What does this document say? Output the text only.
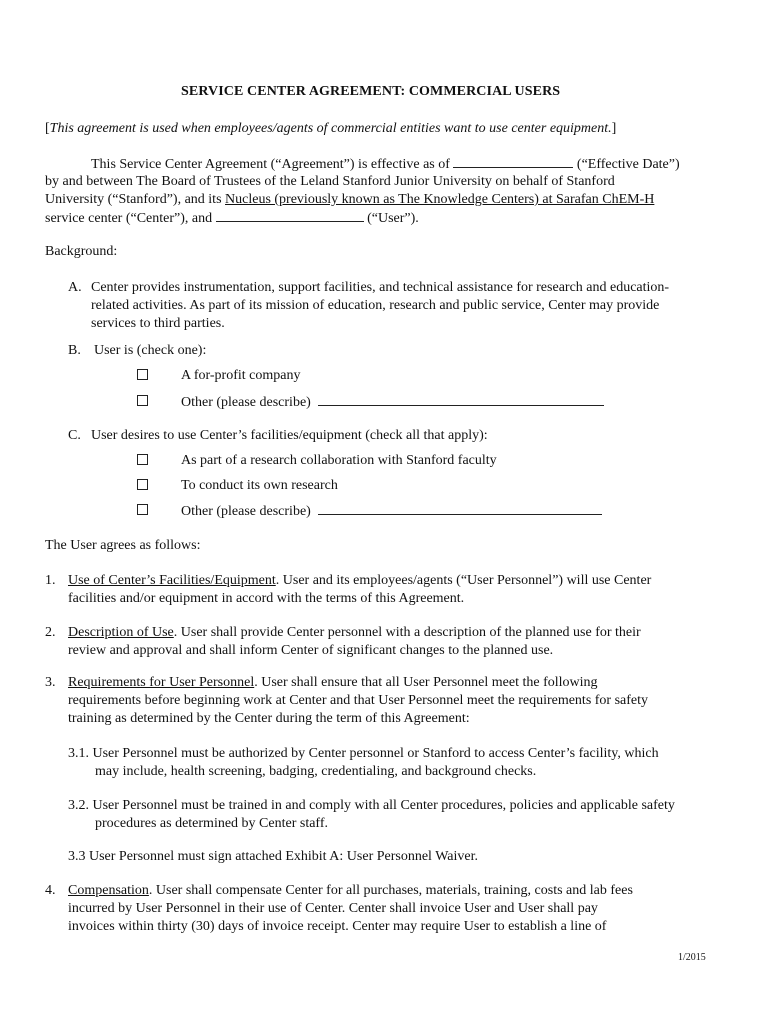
SERVICE CENTER AGREEMENT: COMMERCIAL USERS
[This agreement is used when employees/agents of commercial entities want to use center equipment.]
This Service Center Agreement (“Agreement”) is effective as of	(“Effective Date”)
by and between The Board of Trustees of the Leland Stanford Junior University on behalf of Stanford
University (“Stanford”), and its Nucleus (previously known as The Knowledge Centers) at Sarafan ChEM-H
service center (“Center”), and	(“User”).
Background:
A. Center provides instrumentation, support facilities, and technical assistance for research and education-
related activities. As part of its mission of education, research and public service, Center may provide
services to third parties.
B. User is (check one):
A for-profit company
Other (please describe)
C. User desires to use Center’s facilities/equipment (check all that apply):
As part of a research collaboration with Stanford faculty
To conduct its own research
Other (please describe)
The User agrees as follows:
1. Use of Center’s Facilities/Equipment. User and its employees/agents (“User Personnel”) will use Center
facilities and/or equipment in accord with the terms of this Agreement.
2. Description of Use. User shall provide Center personnel with a description of the planned use for their
review and approval and shall inform Center of significant changes to the planned use.
3. Requirements for User Personnel. User shall ensure that all User Personnel meet the following
requirements before beginning work at Center and that User Personnel meet the requirements for safety
training as determined by the Center during the term of this Agreement:
3.1. User Personnel must be authorized by Center personnel or Stanford to access Center’s facility, which
may include, health screening, badging, credentialing, and background checks.
3.2. User Personnel must be trained in and comply with all Center procedures, policies and applicable safety
procedures as determined by Center staff.
3.3 User Personnel must sign attached Exhibit A: User Personnel Waiver.
4. Compensation. User shall compensate Center for all purchases, materials, training, costs and lab fees
incurred by User Personnel in their use of Center. Center shall invoice User and User shall pay
invoices within thirty (30) days of invoice receipt. Center may require User to establish a line of
1/2015
